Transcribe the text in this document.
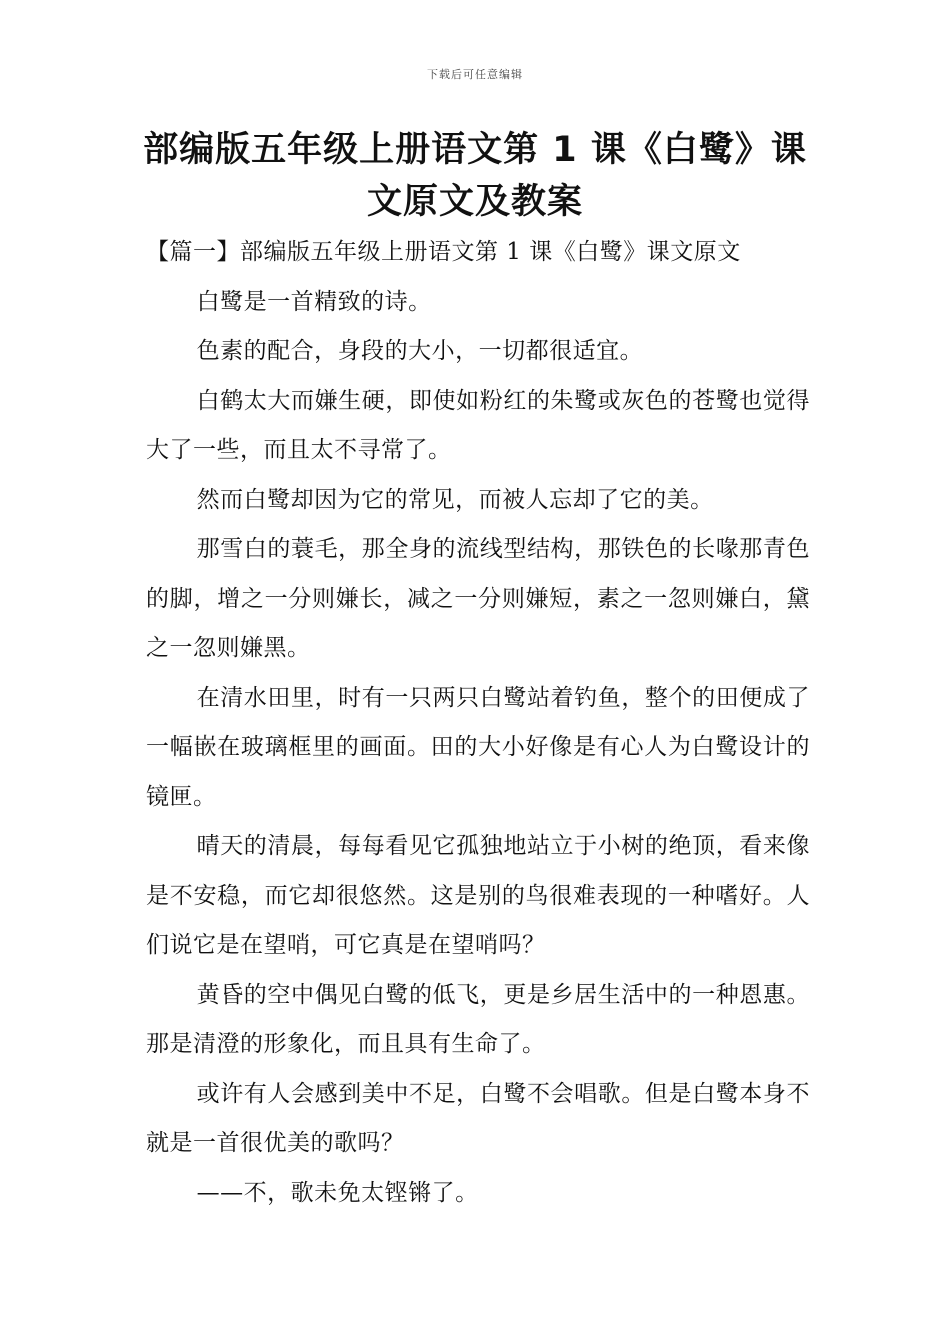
下载后可任意编辑
部编版五年级上册语文第 1 课《白鹭》课文原文及教案

【篇一】部编版五年级上册语文第 1 课《白鹭》课文原文

白鹭是一首精致的诗。

色素的配合，身段的大小，一切都很适宜。

白鹤太大而嫌生硬，即使如粉红的朱鹭或灰色的苍鹭也觉得大了一些，而且太不寻常了。

然而白鹭却因为它的常见，而被人忘却了它的美。

那雪白的蓑毛，那全身的流线型结构，那铁色的长喙那青色的脚，增之一分则嫌长，减之一分则嫌短，素之一忽则嫌白，黛之一忽则嫌黑。

在清水田里，时有一只两只白鹭站着钓鱼，整个的田便成了一幅嵌在玻璃框里的画面。田的大小好像是有心人为白鹭设计的镜匣。

晴天的清晨，每每看见它孤独地站立于小树的绝顶，看来像是不安稳，而它却很悠然。这是别的鸟很难表现的一种嗜好。人们说它是在望哨，可它真是在望哨吗？

黄昏的空中偶见白鹭的低飞，更是乡居生活中的一种恩惠。那是清澄的形象化，而且具有生命了。

或许有人会感到美中不足，白鹭不会唱歌。但是白鹭本身不就是一首很优美的歌吗？

——不，歌未免太铿锵了。
